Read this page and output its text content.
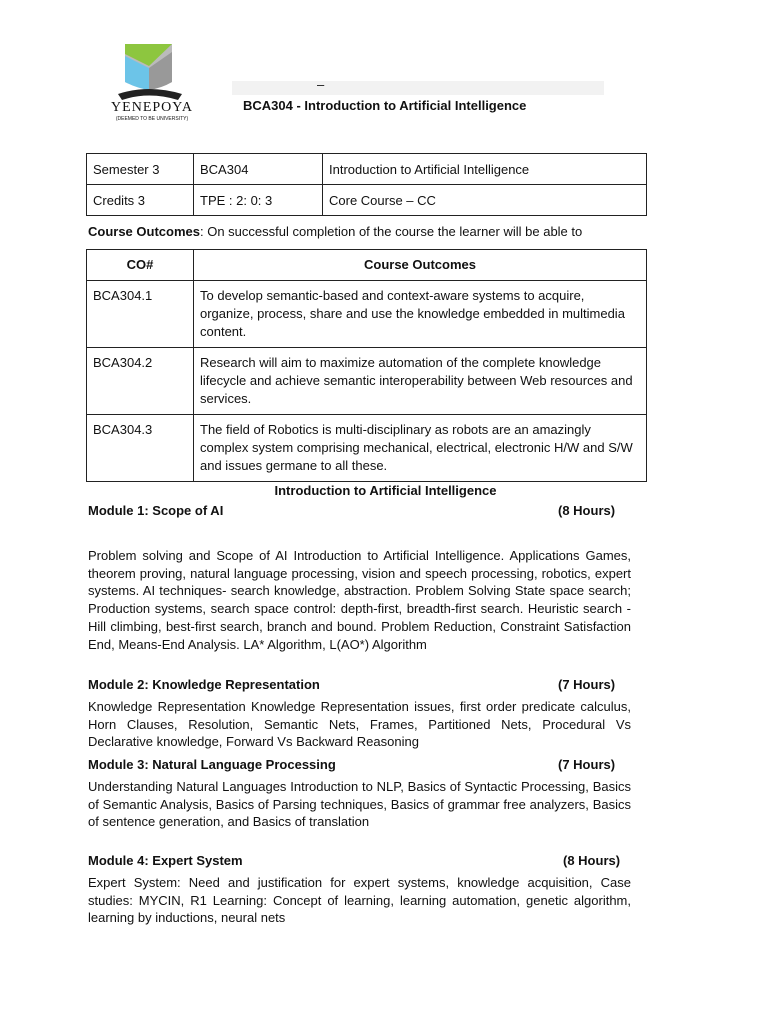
YENEPOYA
(DEEMED TO BE UNIVERSITY)
–
BCA304 - Introduction to Artificial Intelligence
Semester 3	BCA304	Introduction to Artificial Intelligence
Credits 3	TPE : 2: 0: 3	Core Course – CC
Course Outcomes: On successful completion of the course the learner will be able to
CO#	Course Outcomes
BCA304.1	To develop semantic-based and context-aware systems to acquire, organize, process, share and use the knowledge embedded in multimedia content.
BCA304.2	Research will aim to maximize automation of the complete knowledge lifecycle and achieve semantic interoperability between Web resources and services.
BCA304.3	The field of Robotics is multi-disciplinary as robots are an amazingly complex system comprising mechanical, electrical, electronic H/W and S/W and issues germane to all these.
Introduction to Artificial Intelligence
Module 1: Scope of AI	(8 Hours)
Problem solving and Scope of AI Introduction to Artificial Intelligence. Applications Games, theorem proving, natural language processing, vision and speech processing, robotics, expert systems. AI techniques- search knowledge, abstraction. Problem Solving State space search; Production systems, search space control: depth-first, breadth-first search. Heuristic search - Hill climbing, best-first search, branch and bound. Problem Reduction, Constraint Satisfaction End, Means-End Analysis. LA* Algorithm, L(AO*) Algorithm
Module 2: Knowledge Representation	(7 Hours)
Knowledge Representation Knowledge Representation issues, first order predicate calculus, Horn Clauses, Resolution, Semantic Nets, Frames, Partitioned Nets, Procedural Vs Declarative knowledge, Forward Vs Backward Reasoning
Module 3: Natural Language Processing	(7 Hours)
Understanding Natural Languages Introduction to NLP, Basics of Syntactic Processing, Basics of Semantic Analysis, Basics of Parsing techniques, Basics of grammar free analyzers, Basics of sentence generation, and Basics of translation
Module 4: Expert System	(8 Hours)
Expert System: Need and justification for expert systems, knowledge acquisition, Case studies: MYCIN, R1 Learning: Concept of learning, learning automation, genetic algorithm, learning by inductions, neural nets
